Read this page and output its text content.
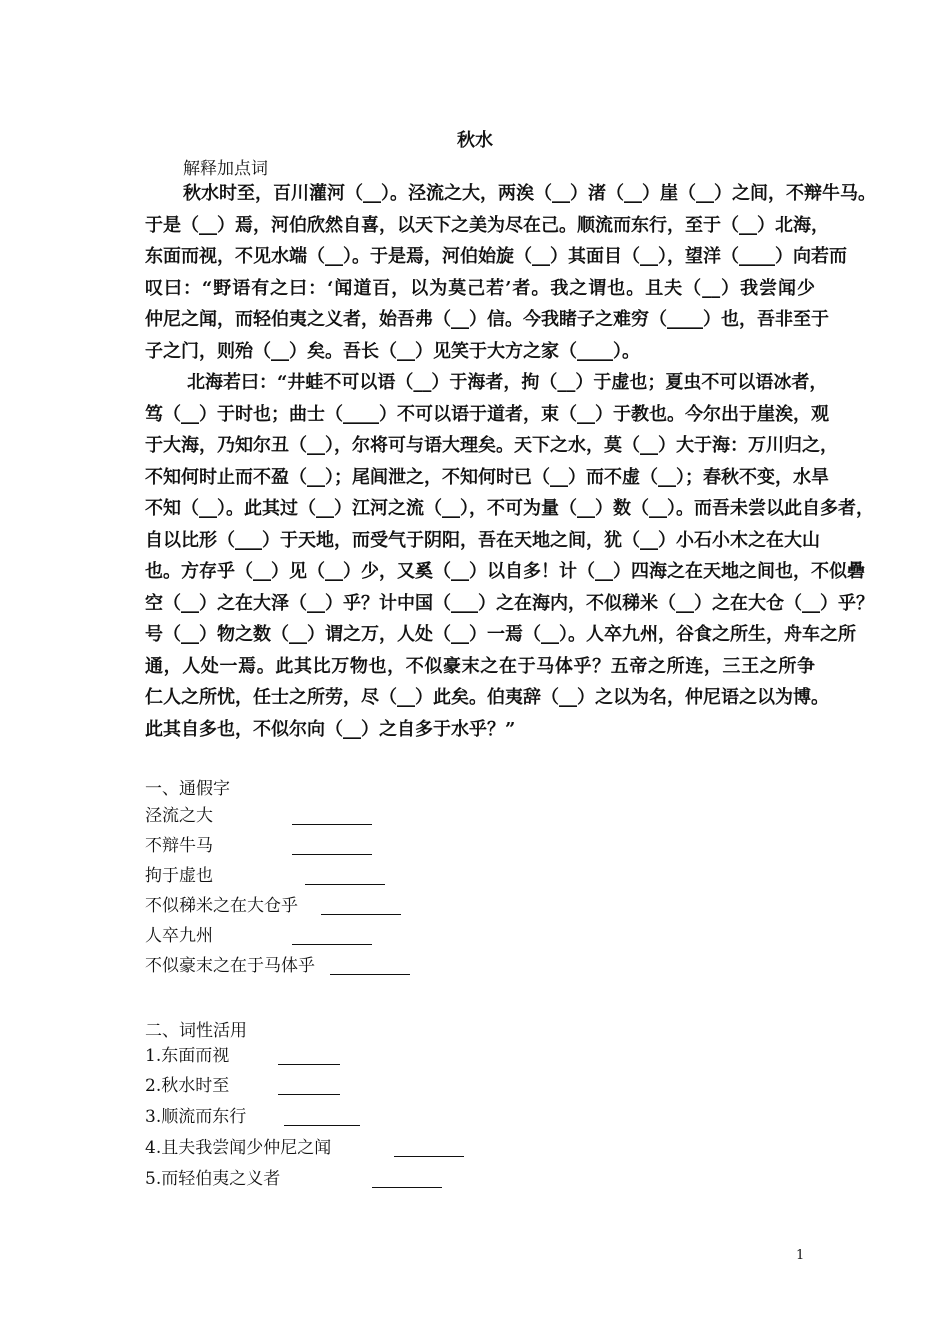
秋水
解释加点词
秋水时至，百川灌河（__）。泾流之大，两涘（__）渚（__）崖（__）之间，不辩牛马。
于是（__）焉，河伯欣然自喜，以天下之美为尽在己。顺流而东行，至于（__）北海，
东面而视，不见水端（__）。于是焉，河伯始旋（__）其面目（__），望洋（____）向若而
叹曰：“野语有之曰：‘闻道百，以为莫己若’者。我之谓也。且夫（__）我尝闻少
仲尼之闻，而轻伯夷之义者，始吾弗（__）信。今我睹子之难穷（____）也，吾非至于
子之门，则殆（__）矣。吾长（__）见笑于大方之家（____）。
北海若曰：“井蛙不可以语（__）于海者，拘（__）于虚也；夏虫不可以语冰者，
笃（__）于时也；曲士（____）不可以语于道者，束（__）于教也。今尔出于崖涘，观
于大海，乃知尔丑（__），尔将可与语大理矣。天下之水，莫（__）大于海：万川归之，
不知何时止而不盈（__）；尾闾泄之，不知何时已（__）而不虚（__）；春秋不变，水旱
不知（__）。此其过（__）江河之流（__），不可为量（__）数（__）。而吾未尝以此自多者，
自以比形（___）于天地，而受气于阴阳，吾在天地之间，犹（__）小石小木之在大山
也。方存乎（__）见（__）少，又奚（__）以自多！计（__）四海之在天地之间也，不似礨
空（__）之在大泽（__）乎？计中国（___）之在海内，不似稊米（__）之在大仓（__）乎？
号（__）物之数（__）谓之万，人处（__）一焉（__）。人卒九州，谷食之所生，舟车之所
通，人处一焉。此其比万物也，不似豪末之在于马体乎？五帝之所连，三王之所争
仁人之所忧，任士之所劳，尽（__）此矣。伯夷辞（__）之以为名，仲尼语之以为博。
此其自多也，不似尔向（__）之自多于水乎？”
一、通假字
泾流之大
不辩牛马
拘于虚也
不似稊米之在大仓乎
人卒九州
不似豪末之在于马体乎
二、词性活用
1.东面而视
2.秋水时至
3.顺流而东行
4.且夫我尝闻少仲尼之闻
5.而轻伯夷之义者
1
